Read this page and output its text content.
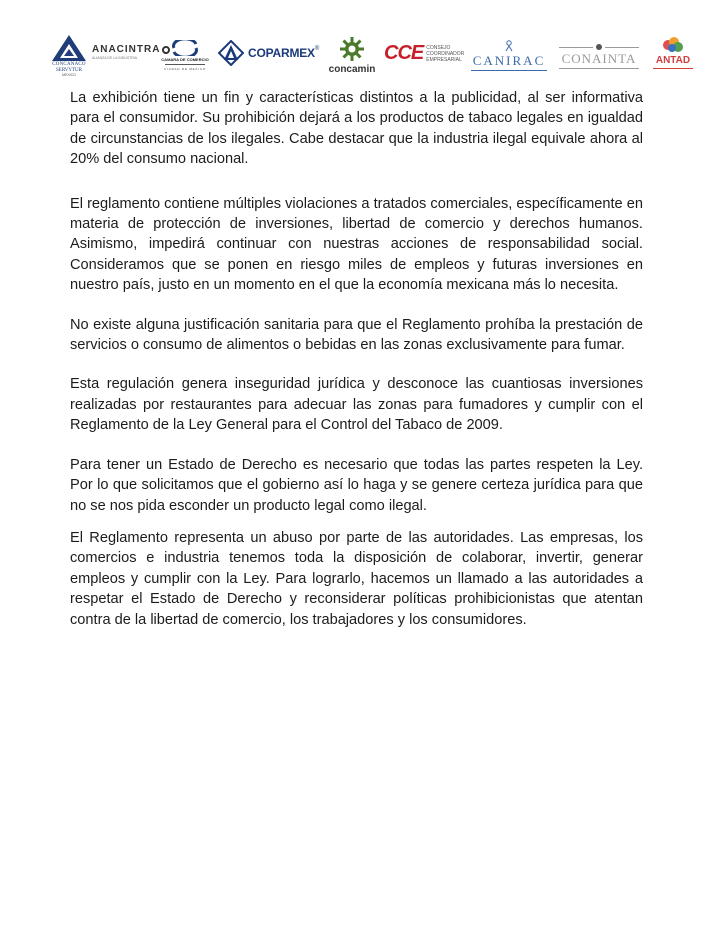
CONCANACO
SERVYTUR
MEXICO
ANACINTRA
ALIANZA DE LA INDUSTRIA	CAMARA DE COMERCIO
CIUDAD DE MEXICO
COPARMEX ®
concamin
CCE CONSEJO
COORDINADOR
EMPRESARIAL CANIRAC CONAINTA ANTAD

La exhibición tiene un fin y características distintos a la publicidad, al ser informativa para el consumidor. Su prohibición dejará a los productos de tabaco legales en igualdad de circunstancias de los ilegales. Cabe destacar que la industria ilegal equivale ahora al 20% del consumo nacional.

El reglamento contiene múltiples violaciones a tratados comerciales, específicamente en materia de protección de inversiones, libertad de comercio y derechos humanos. Asimismo, impedirá continuar con nuestras acciones de responsabilidad social. Consideramos que se ponen en riesgo miles de empleos y futuras inversiones en nuestro país, justo en un momento en el que la economía mexicana más lo necesita.

No existe alguna justificación sanitaria para que el Reglamento prohíba la prestación de servicios o consumo de alimentos o bebidas en las zonas exclusivamente para fumar.

Esta regulación genera inseguridad jurídica y desconoce las cuantiosas inversiones realizadas por restaurantes para adecuar las zonas para fumadores y cumplir con el Reglamento de la Ley General para el Control del Tabaco de 2009.

Para tener un Estado de Derecho es necesario que todas las partes respeten la Ley. Por lo que solicitamos que el gobierno así lo haga y se genere certeza jurídica para que no se nos pida esconder un producto legal como ilegal.

El Reglamento representa un abuso por parte de las autoridades. Las empresas, los comercios e industria tenemos toda la disposición de colaborar, invertir, generar empleos y cumplir con la Ley. Para lograrlo, hacemos un llamado a las autoridades a respetar el Estado de Derecho y reconsiderar políticas prohibicionistas que atentan contra de la libertad de comercio, los trabajadores y los consumidores.
